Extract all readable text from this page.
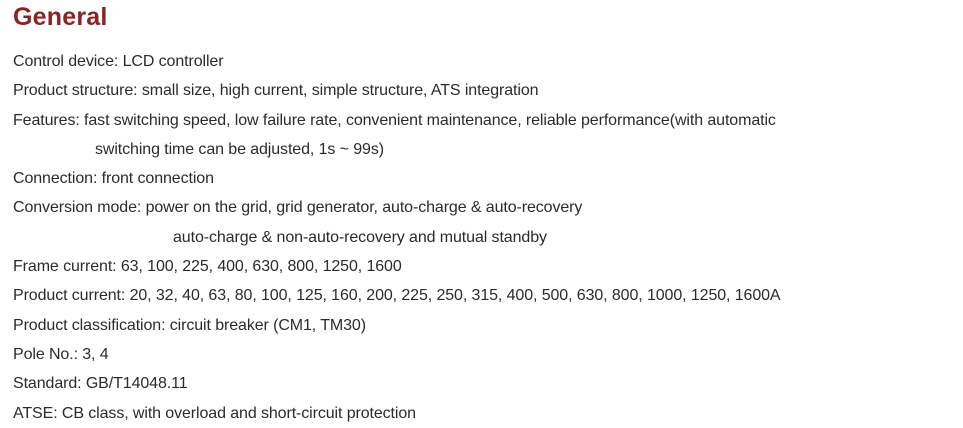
General
Control device: LCD controller
Product structure: small size, high current, simple structure, ATS integration
Features: fast switching speed, low failure rate, convenient maintenance, reliable performance(with automatic
switching time can be adjusted, 1s ~ 99s)
Connection: front connection
Conversion mode: power on the grid, grid generator, auto-charge & auto-recovery
auto-charge & non-auto-recovery and mutual standby
Frame current: 63, 100, 225, 400, 630, 800, 1250, 1600
Product current: 20, 32, 40, 63, 80, 100, 125, 160, 200, 225, 250, 315, 400, 500, 630, 800, 1000, 1250, 1600A
Product classification: circuit breaker (CM1, TM30)
Pole No.: 3, 4
Standard: GB/T14048.11
ATSE: CB class, with overload and short-circuit protection
